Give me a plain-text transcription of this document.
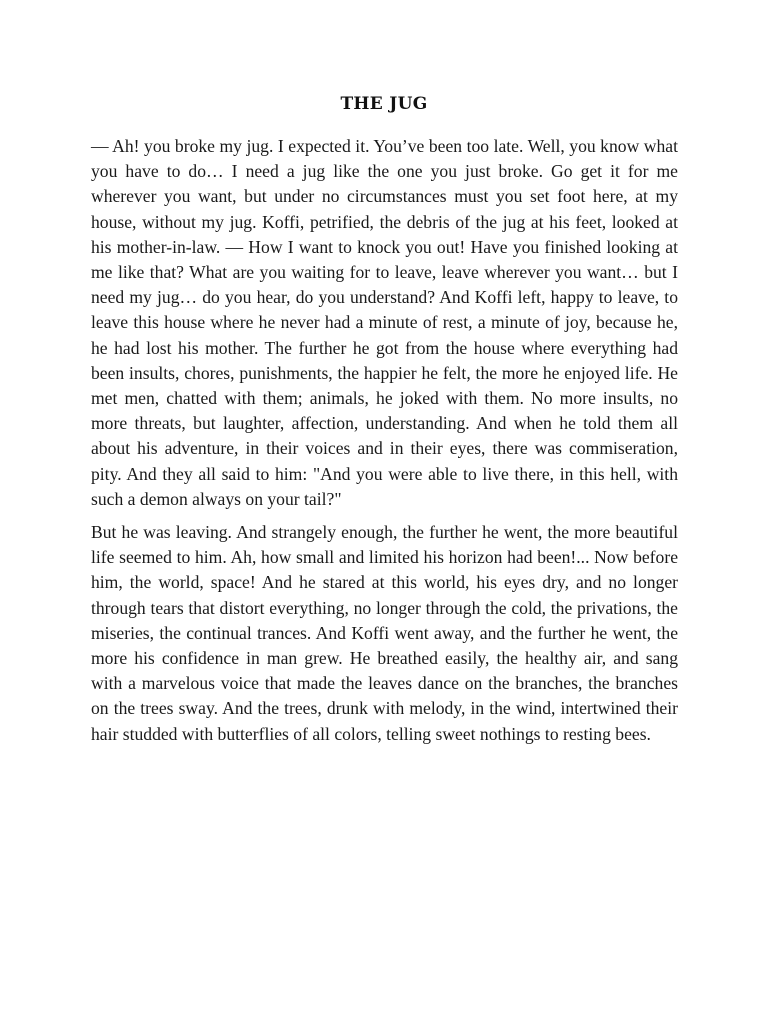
THE JUG

— Ah! you broke my jug. I expected it. You’ve been too late. Well, you know what you have to do… I need a jug like the one you just broke. Go get it for me wherever you want, but under no circumstances must you set foot here, at my house, without my jug. Koffi, petrified, the debris of the jug at his feet, looked at his mother-in-law. — How I want to knock you out! Have you finished looking at me like that? What are you waiting for to leave, leave wherever you want… but I need my jug… do you hear, do you understand? And Koffi left, happy to leave, to leave this house where he never had a minute of rest, a minute of joy, because he, he had lost his mother. The further he got from the house where everything had been insults, chores, punishments, the happier he felt, the more he enjoyed life. He met men, chatted with them; animals, he joked with them. No more insults, no more threats, but laughter, affection, understanding. And when he told them all about his adventure, in their voices and in their eyes, there was commiseration, pity. And they all said to him: "And you were able to live there, in this hell, with such a demon always on your tail?"

But he was leaving. And strangely enough, the further he went, the more beautiful life seemed to him. Ah, how small and limited his horizon had been!... Now before him, the world, space! And he stared at this world, his eyes dry, and no longer through tears that distort everything, no longer through the cold, the privations, the miseries, the continual trances. And Koffi went away, and the further he went, the more his confidence in man grew. He breathed easily, the healthy air, and sang with a marvelous voice that made the leaves dance on the branches, the branches on the trees sway. And the trees, drunk with melody, in the wind, intertwined their hair studded with butterflies of all colors, telling sweet nothings to resting bees.
